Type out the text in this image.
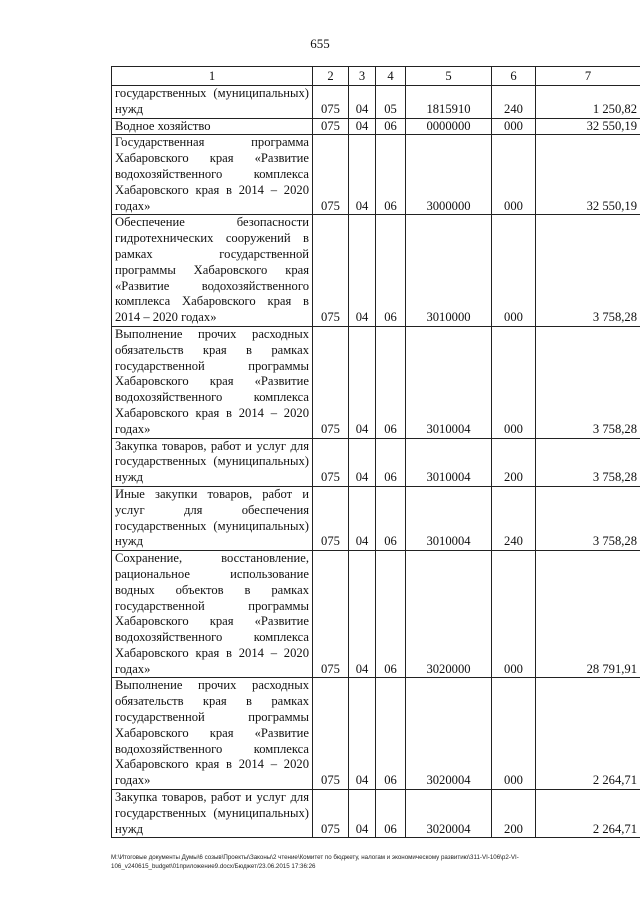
655
1	2	3	4	5	6	7
государственных (муниципальных) нужд	075	04	05	1815910	240	1 250,82
Водное хозяйство	075	04	06	0000000	000	32 550,19
Государственная программа Хабаровского края «Развитие водохозяйственного комплекса Хабаровского края в 2014 – 2020 годах»	075	04	06	3000000	000	32 550,19
Обеспечение безопасности гидротехнических сооружений в рамках государственной программы Хабаровского края «Развитие водохозяйственного комплекса Хабаровского края в 2014 – 2020 годах»	075	04	06	3010000	000	3 758,28
Выполнение прочих расходных обязательств края в рамках государственной программы Хабаровского края «Развитие водохозяйственного комплекса Хабаровского края в 2014 – 2020 годах»	075	04	06	3010004	000	3 758,28
Закупка товаров, работ и услуг для государственных (муниципальных) нужд	075	04	06	3010004	200	3 758,28
Иные закупки товаров, работ и услуг для обеспечения государственных (муниципальных) нужд	075	04	06	3010004	240	3 758,28
Сохранение, восстановление, рациональное использование водных объектов в рамках государственной программы Хабаровского края «Развитие водохозяйственного комплекса Хабаровского края в 2014 – 2020 годах»	075	04	06	3020000	000	28 791,91
Выполнение прочих расходных обязательств края в рамках государственной программы Хабаровского края «Развитие водохозяйственного комплекса Хабаровского края в 2014 – 2020 годах»	075	04	06	3020004	000	2 264,71
Закупка товаров, работ и услуг для государственных (муниципальных) нужд	075	04	06	3020004	200	2 264,71
M:\Итоговые документы Думы\6 созыв\Проекты\Законы\2 чтение\Комитет по бюджету, налогам и экономическому развитию\311-VI-106\р2-VI-106_v240615_budget\01приложение9.docx/Бюджет/23.06.2015 17:36:26
